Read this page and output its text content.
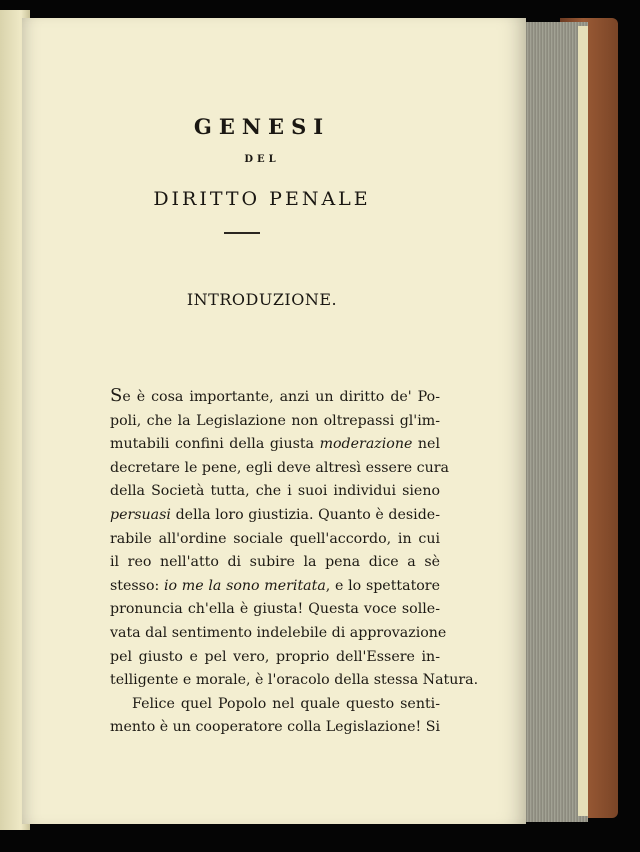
GENESI
DEL
DIRITTO PENALE
INTRODUZIONE.
Se è cosa importante, anzi un diritto de' Po-
poli, che la Legislazione non oltrepassi gl'im-
mutabili confini della giusta moderazione nel
decretare le pene, egli deve altresì essere cura
della Società tutta, che i suoi individui sieno
persuasi della loro giustizia. Quanto è deside-
rabile all'ordine sociale quell'accordo, in cui
il reo nell'atto di subire la pena dice a sè
stesso: io me la sono meritata, e lo spettatore
pronuncia ch'ella è giusta! Questa voce solle-
vata dal sentimento indelebile di approvazione
pel giusto e pel vero, proprio dell'Essere in-
telligente e morale, è l'oracolo della stessa Natura.
Felice quel Popolo nel quale questo senti-
mento è un cooperatore colla Legislazione! Si
